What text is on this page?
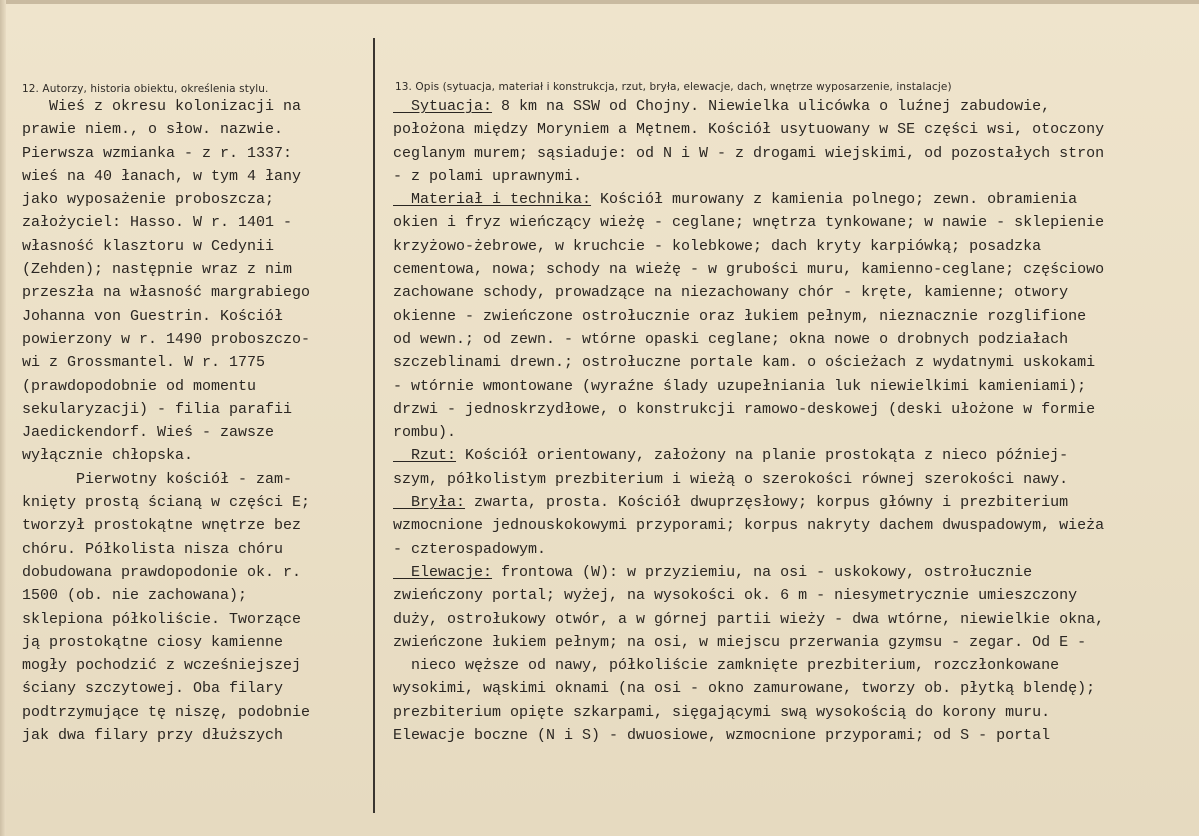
12. Autorzy, historia obiektu, określenia stylu.	13. Opis (sytuacja, materiał i konstrukcja, rzut, bryła, elewacje, dach, wnętrze wyposarzenie, instalacje)
Wieś z okresu kolonizacji na
prawie niem., o słow. nazwie.
Pierwsza wzmianka - z r. 1337:
wieś na 40 łanach, w tym 4 łany
jako wyposażenie proboszcza;
założyciel: Hasso. W r. 1401 -
własność klasztoru w Cedynii
(Zehden); następnie wraz z nim
przeszła na własność margrabiego
Johanna von Guestrin. Kościół
powierzony w r. 1490 proboszczo-
wi z Grossmantel. W r. 1775
(prawdopodobnie od momentu
sekularyzacji) - filia parafii
Jaedickendorf. Wieś - zawsze
wyłącznie chłopska.
Pierwotny kościół - zam-
knięty prostą ścianą w części E;
tworzył prostokątne wnętrze bez
chóru. Półkolista nisza chóru
dobudowana prawdopodonie ok. r.
1500 (ob. nie zachowana);
sklepiona półkoliście. Tworzące
ją prostokątne ciosy kamienne
mogły pochodzić z wcześniejszej
ściany szczytowej. Oba filary
podtrzymujące tę niszę, podobnie
jak dwa filary przy dłuższych
Sytuacja: 8 km na SSW od Chojny. Niewielka ulicówka o luźnej zabudowie,
położona między Moryniem a Mętnem. Kościół usytuowany w SE części wsi, otoczony
ceglanym murem; sąsiaduje: od N i W - z drogami wiejskimi, od pozostałych stron
- z polami uprawnymi.
Materiał i technika: Kościół murowany z kamienia polnego; zewn. obramienia
okien i fryz wieńczący wieżę - ceglane; wnętrza tynkowane; w nawie - sklepienie
krzyżowo-żebrowe, w kruchcie - kolebkowe; dach kryty karpiówką; posadzka
cementowa, nowa; schody na wieżę - w grubości muru, kamienno-ceglane; częściowo
zachowane schody, prowadzące na niezachowany chór - kręte, kamienne; otwory
okienne - zwieńczone ostrołucznie oraz łukiem pełnym, nieznacznie rozglifione
od wewn.; od zewn. - wtórne opaski ceglane; okna nowe o drobnych podziałach
szczeblinami drewn.; ostrołuczne portale kam. o ościeżach z wydatnymi uskokami
- wtórnie wmontowane (wyraźne ślady uzupełniania luk niewielkimi kamieniami);
drzwi - jednoskrzydłowe, o konstrukcji ramowo-deskowej (deski ułożone w formie
rombu).
Rzut: Kościół orientowany, założony na planie prostokąta z nieco później-
szym, półkolistym prezbiterium i wieżą o szerokości równej szerokości nawy.
Bryła: zwarta, prosta. Kościół dwuprzęsłowy; korpus główny i prezbiterium
wzmocnione jednouskokowymi przyporami; korpus nakryty dachem dwuspadowym, wieża
- czterospadowym.
Elewacje: frontowa (W): w przyziemiu, na osi - uskokowy, ostrołucznie
zwieńczony portal; wyżej, na wysokości ok. 6 m - niesymetrycznie umieszczony
duży, ostrołukowy otwór, a w górnej partii wieży - dwa wtórne, niewielkie okna,
zwieńczone łukiem pełnym; na osi, w miejscu przerwania gzymsu - zegar. Od E -
nieco węższe od nawy, półkoliście zamknięte prezbiterium, rozczłonkowane
wysokimi, wąskimi oknami (na osi - okno zamurowane, tworzy ob. płytką blendę);
prezbiterium opięte szkarpami, sięgającymi swą wysokością do korony muru.
Elewacje boczne (N i S) - dwuosiowe, wzmocnione przyporami; od S - portal
